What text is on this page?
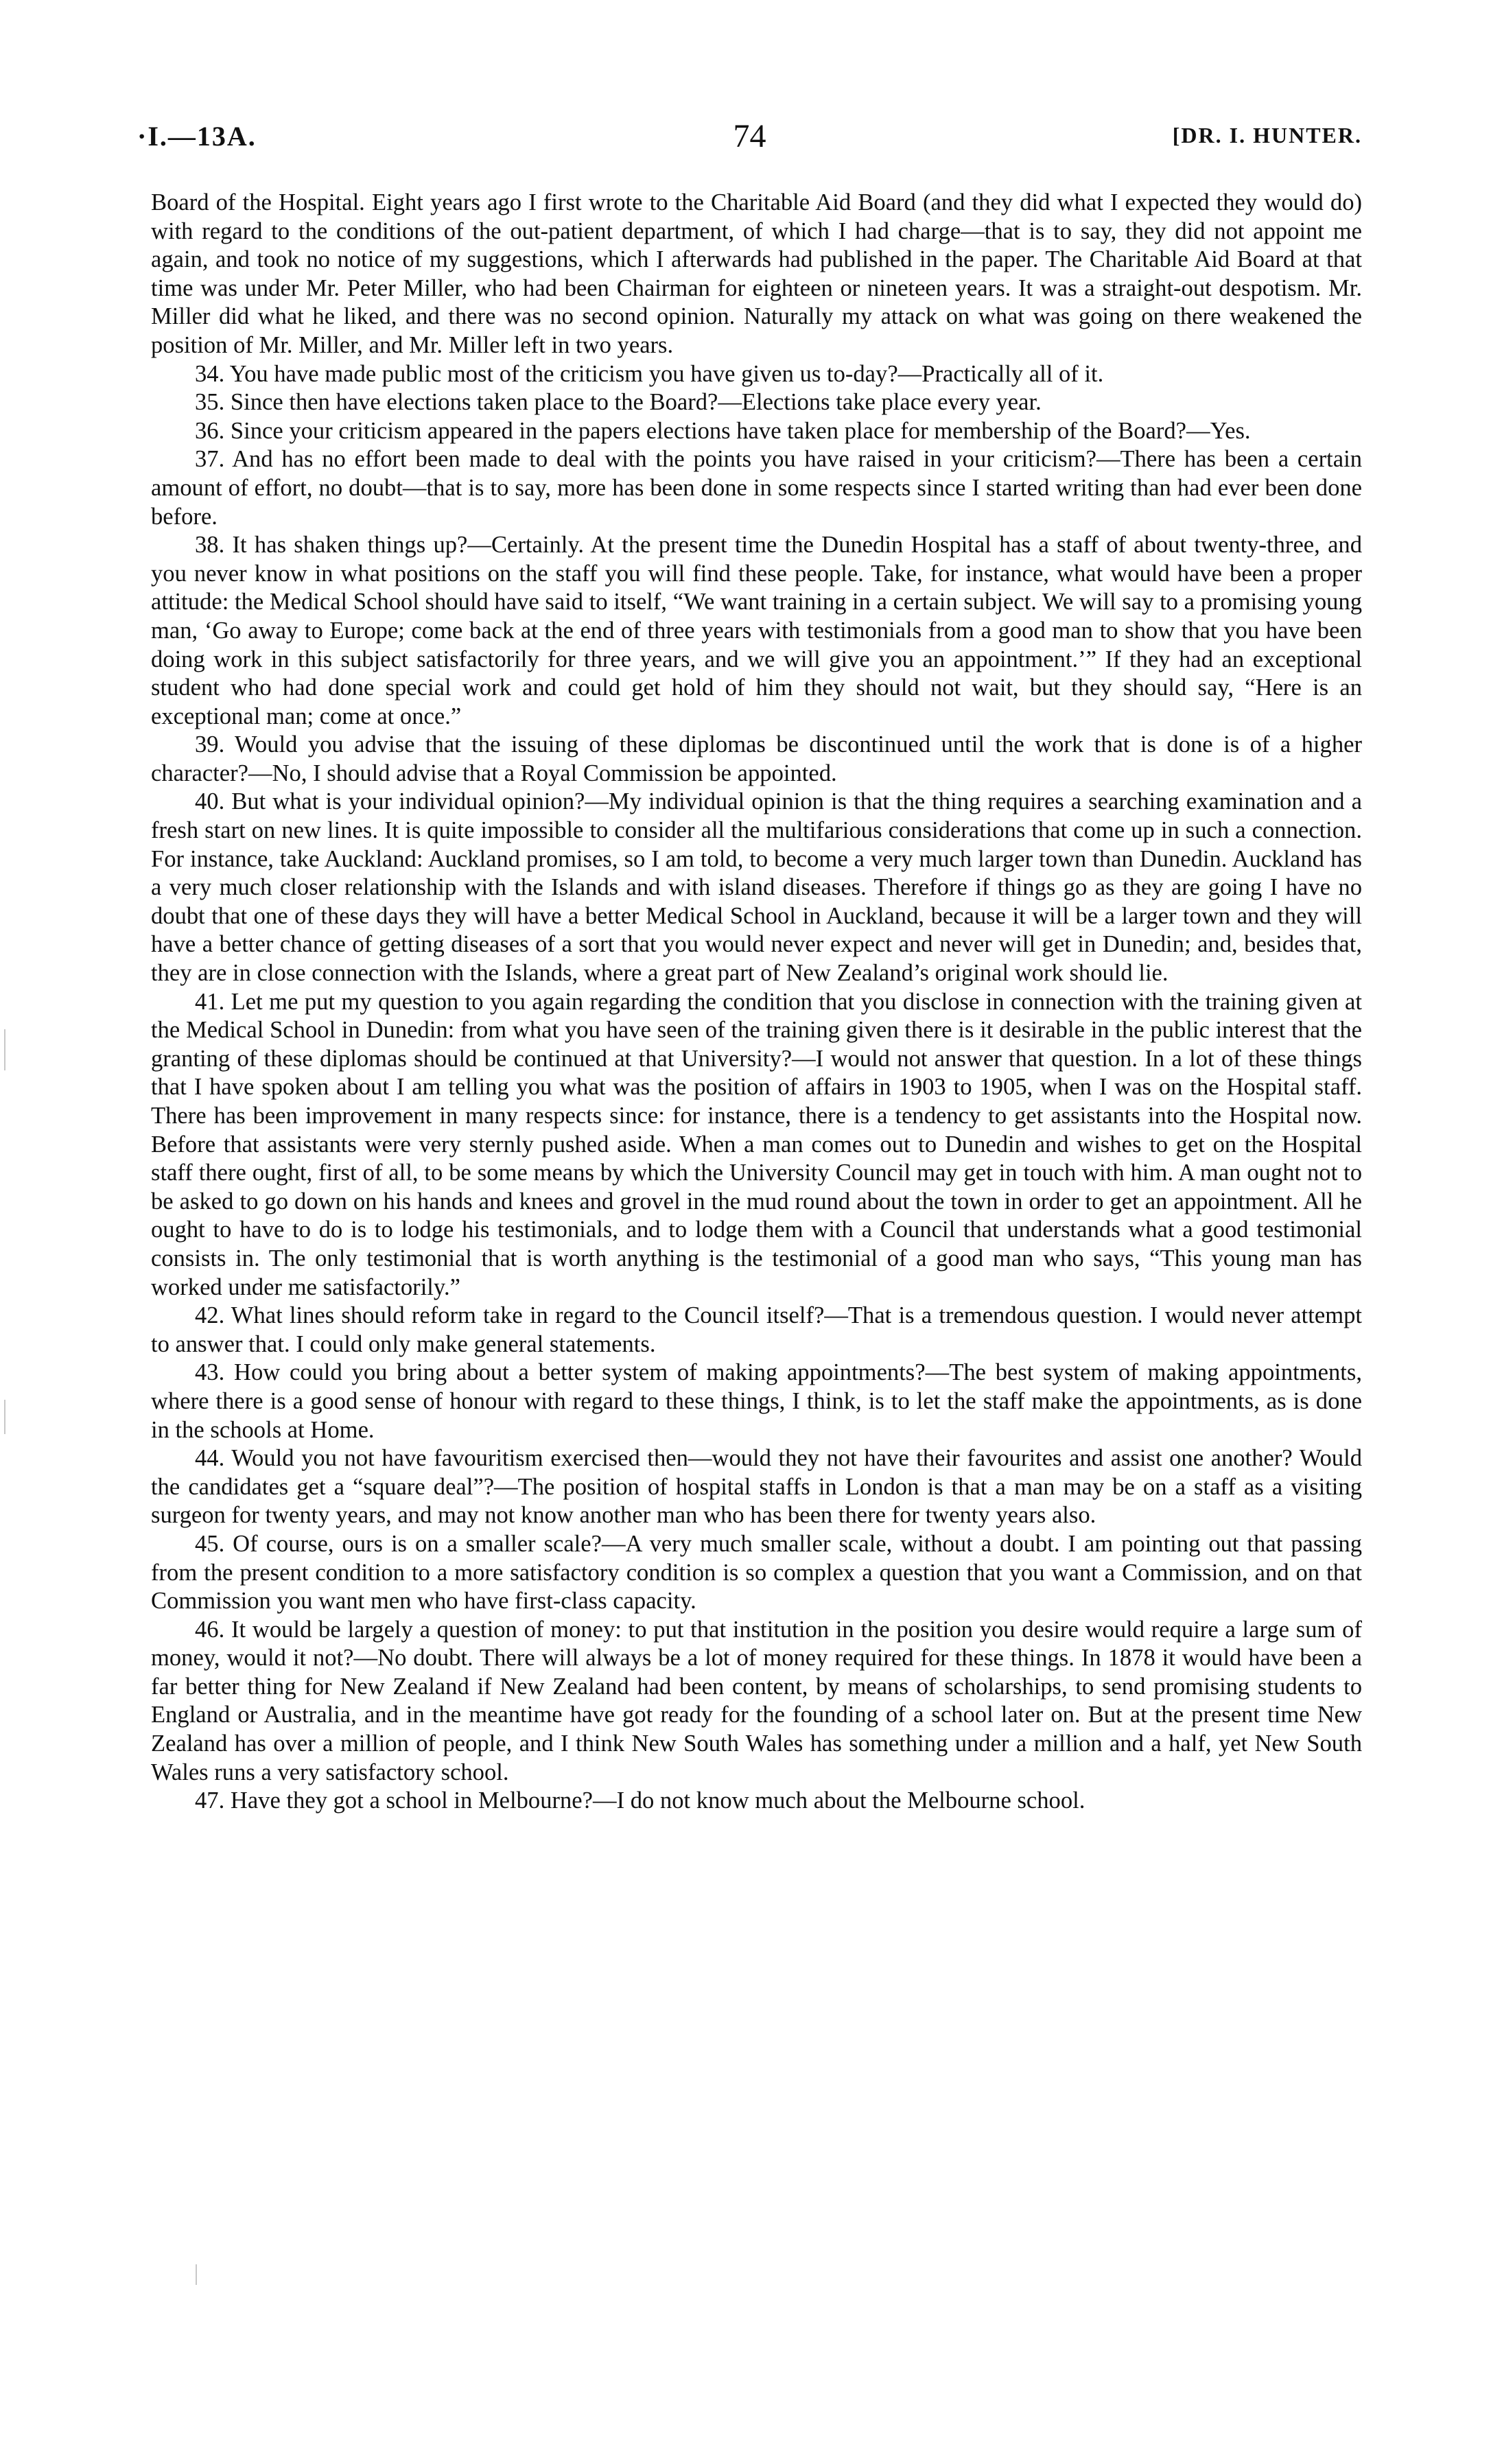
·I.—13A.	74	[DR. I. HUNTER.

Board of the Hospital. Eight years ago I first wrote to the Charitable Aid Board (and they did what I expected they would do) with regard to the conditions of the out-patient department, of which I had charge—that is to say, they did not appoint me again, and took no notice of my suggestions, which I afterwards had published in the paper. The Charitable Aid Board at that time was under Mr. Peter Miller, who had been Chairman for eighteen or nineteen years. It was a straight-out despotism. Mr. Miller did what he liked, and there was no second opinion. Naturally my attack on what was going on there weakened the position of Mr. Miller, and Mr. Miller left in two years.

34. You have made public most of the criticism you have given us to-day?—Practically all of it.

35. Since then have elections taken place to the Board?—Elections take place every year.

36. Since your criticism appeared in the papers elections have taken place for membership of the Board?—Yes.

37. And has no effort been made to deal with the points you have raised in your criticism?—There has been a certain amount of effort, no doubt—that is to say, more has been done in some respects since I started writing than had ever been done before.

38. It has shaken things up?—Certainly. At the present time the Dunedin Hospital has a staff of about twenty-three, and you never know in what positions on the staff you will find these people. Take, for instance, what would have been a proper attitude: the Medical School should have said to itself, “We want training in a certain subject. We will say to a promising young man, ‘Go away to Europe; come back at the end of three years with testimonials from a good man to show that you have been doing work in this subject satisfactorily for three years, and we will give you an appointment.’” If they had an exceptional student who had done special work and could get hold of him they should not wait, but they should say, “Here is an exceptional man; come at once.”

39. Would you advise that the issuing of these diplomas be discontinued until the work that is done is of a higher character?—No, I should advise that a Royal Commission be appointed.

40. But what is your individual opinion?—My individual opinion is that the thing requires a searching examination and a fresh start on new lines. It is quite impossible to consider all the multifarious considerations that come up in such a connection. For instance, take Auckland: Auckland promises, so I am told, to become a very much larger town than Dunedin. Auckland has a very much closer relationship with the Islands and with island diseases. Therefore if things go as they are going I have no doubt that one of these days they will have a better Medical School in Auckland, because it will be a larger town and they will have a better chance of getting diseases of a sort that you would never expect and never will get in Dunedin; and, besides that, they are in close connection with the Islands, where a great part of New Zealand’s original work should lie.

41. Let me put my question to you again regarding the condition that you disclose in connection with the training given at the Medical School in Dunedin: from what you have seen of the training given there is it desirable in the public interest that the granting of these diplomas should be continued at that University?—I would not answer that question. In a lot of these things that I have spoken about I am telling you what was the position of affairs in 1903 to 1905, when I was on the Hospital staff. There has been improvement in many respects since: for instance, there is a tendency to get assistants into the Hospital now. Before that assistants were very sternly pushed aside. When a man comes out to Dunedin and wishes to get on the Hospital staff there ought, first of all, to be some means by which the University Council may get in touch with him. A man ought not to be asked to go down on his hands and knees and grovel in the mud round about the town in order to get an appointment. All he ought to have to do is to lodge his testimonials, and to lodge them with a Council that understands what a good testimonial consists in. The only testimonial that is worth anything is the testimonial of a good man who says, “This young man has worked under me satisfactorily.”

42. What lines should reform take in regard to the Council itself?—That is a tremendous question. I would never attempt to answer that. I could only make general statements.

43. How could you bring about a better system of making appointments?—The best system of making appointments, where there is a good sense of honour with regard to these things, I think, is to let the staff make the appointments, as is done in the schools at Home.

44. Would you not have favouritism exercised then—would they not have their favourites and assist one another? Would the candidates get a “square deal”?—The position of hospital staffs in London is that a man may be on a staff as a visiting surgeon for twenty years, and may not know another man who has been there for twenty years also.

45. Of course, ours is on a smaller scale?—A very much smaller scale, without a doubt. I am pointing out that passing from the present condition to a more satisfactory condition is so complex a question that you want a Commission, and on that Commission you want men who have first-class capacity.

46. It would be largely a question of money: to put that institution in the position you desire would require a large sum of money, would it not?—No doubt. There will always be a lot of money required for these things. In 1878 it would have been a far better thing for New Zealand if New Zealand had been content, by means of scholarships, to send promising students to England or Australia, and in the meantime have got ready for the founding of a school later on. But at the present time New Zealand has over a million of people, and I think New South Wales has something under a million and a half, yet New South Wales runs a very satisfactory school.

47. Have they got a school in Melbourne?—I do not know much about the Melbourne school.
